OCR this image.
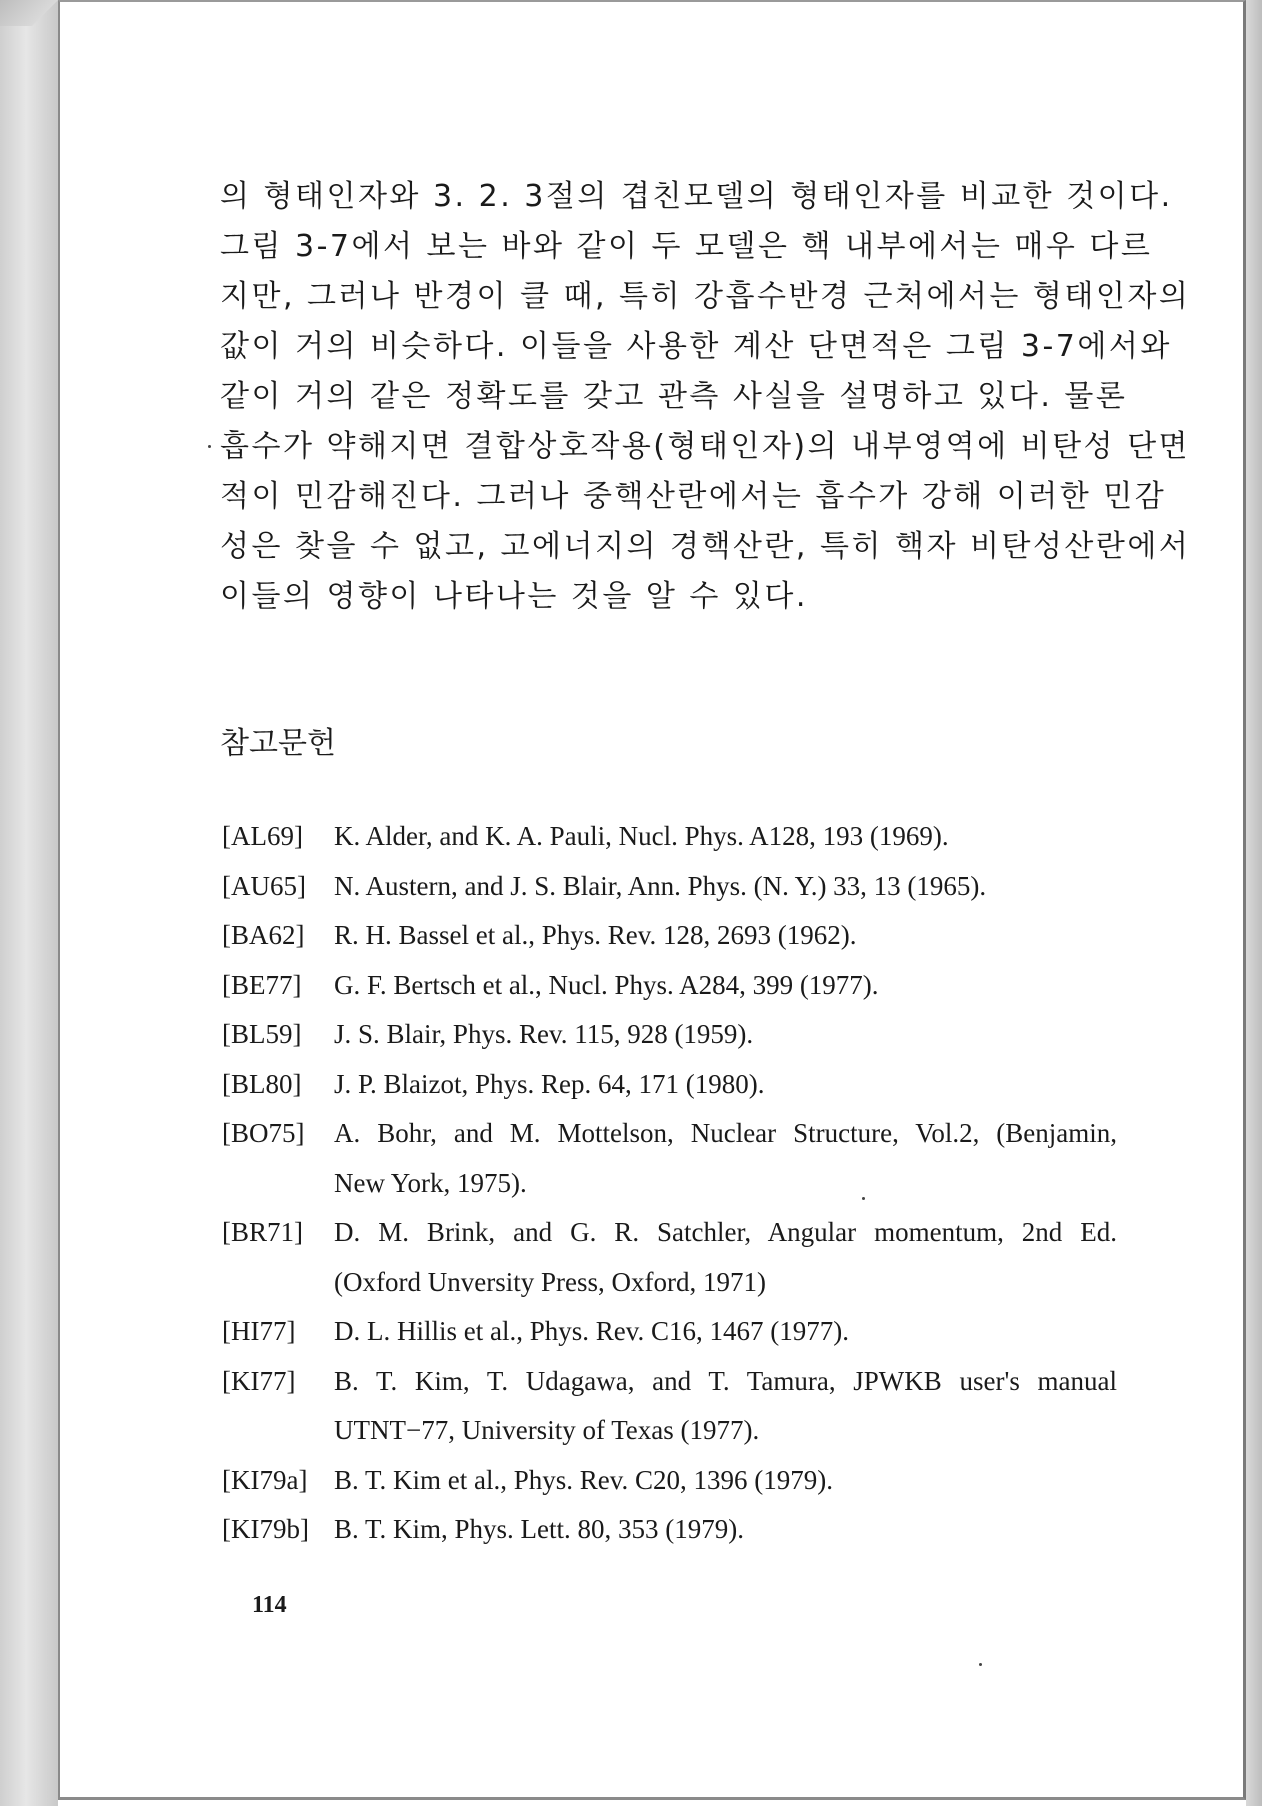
의 형태인자와 3. 2. 3절의 겹친모델의 형태인자를 비교한 것이다.
그림 3-7에서 보는 바와 같이 두 모델은 핵 내부에서는 매우 다르
지만, 그러나 반경이 클 때, 특히 강흡수반경 근처에서는 형태인자의
값이 거의 비슷하다. 이들을 사용한 계산 단면적은 그림 3-7에서와
같이 거의 같은 정확도를 갖고 관측 사실을 설명하고 있다. 물론
흡수가 약해지면 결합상호작용(형태인자)의 내부영역에 비탄성 단면
적이 민감해진다. 그러나 중핵산란에서는 흡수가 강해 이러한 민감
성은 찾을 수 없고, 고에너지의 경핵산란, 특히 핵자 비탄성산란에서
이들의 영향이 나타나는 것을 알 수 있다.
참고문헌
[AL69]	K. Alder, and K. A. Pauli, Nucl. Phys. A128, 193 (1969).
[AU65]	N. Austern, and J. S. Blair, Ann. Phys. (N. Y.) 33, 13 (1965).
[BA62]	R. H. Bassel et al., Phys. Rev. 128, 2693 (1962).
[BE77]	G. F. Bertsch et al., Nucl. Phys. A284, 399 (1977).
[BL59]	J. S. Blair, Phys. Rev. 115, 928 (1959).
[BL80]	J. P. Blaizot, Phys. Rep. 64, 171 (1980).
[BO75]	A. Bohr, and M. Mottelson, Nuclear Structure, Vol.2, (Benjamin,
New York, 1975).
[BR71]	D. M. Brink, and G. R. Satchler, Angular momentum, 2nd Ed.
(Oxford Unversity Press, Oxford, 1971)
[HI77]	D. L. Hillis et al., Phys. Rev. C16, 1467 (1977).
[KI77]	B. T. Kim, T. Udagawa, and T. Tamura, JPWKB user's manual
UTNT−77, University of Texas (1977).
[KI79a] B. T. Kim et al., Phys. Rev. C20, 1396 (1979).
[KI79b] B. T. Kim, Phys. Lett. 80, 353 (1979).
114
